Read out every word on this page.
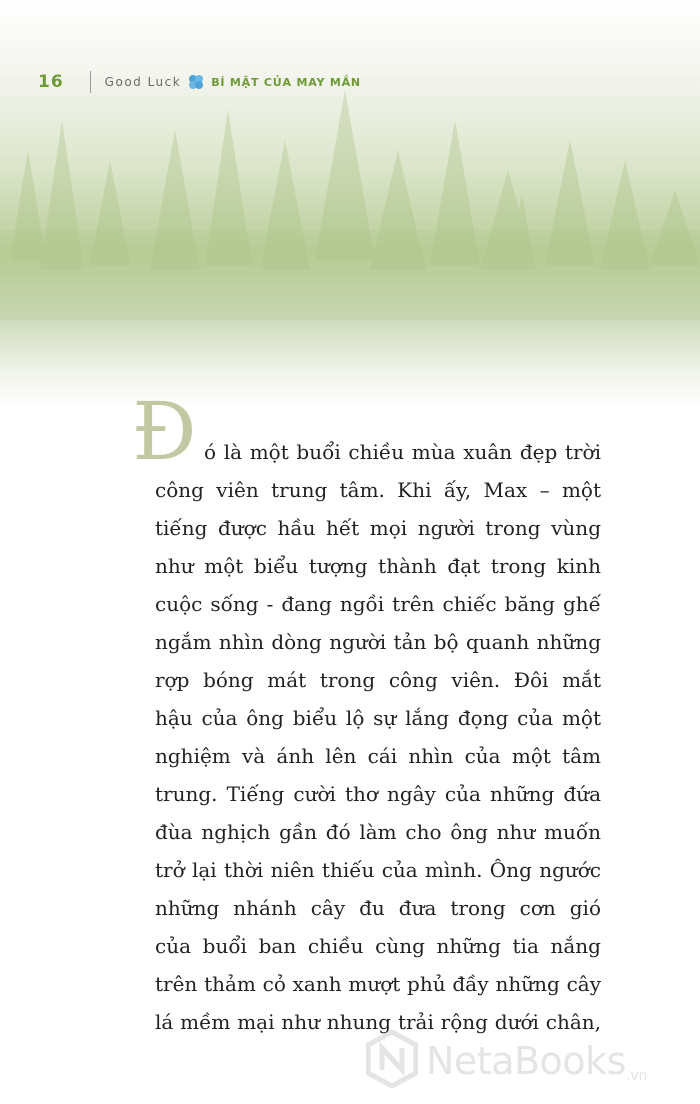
16	Good Luck	BÍ MẬT CỦA MAY MẮN
Đ ó là một buổi chiều mùa xuân đẹp trời
công viên trung tâm. Khi ấy, Max – một
tiếng được hầu hết mọi người trong vùng
như một biểu tượng thành đạt trong kinh
cuộc sống - đang ngồi trên chiếc băng ghế
ngắm nhìn dòng người tản bộ quanh những
rợp bóng mát trong công viên. Đôi mắt
hậu của ông biểu lộ sự lắng đọng của một
nghiệm và ánh lên cái nhìn của một tâm
trung. Tiếng cười thơ ngây của những đứa
đùa nghịch gần đó làm cho ông như muốn
trở lại thời niên thiếu của mình. Ông ngước
những nhánh cây đu đưa trong cơn gió
của buổi ban chiều cùng những tia nắng
trên thảm cỏ xanh mượt phủ đầy những cây
lá mềm mại như nhung trải rộng dưới chân,
NetaBooks .vn
